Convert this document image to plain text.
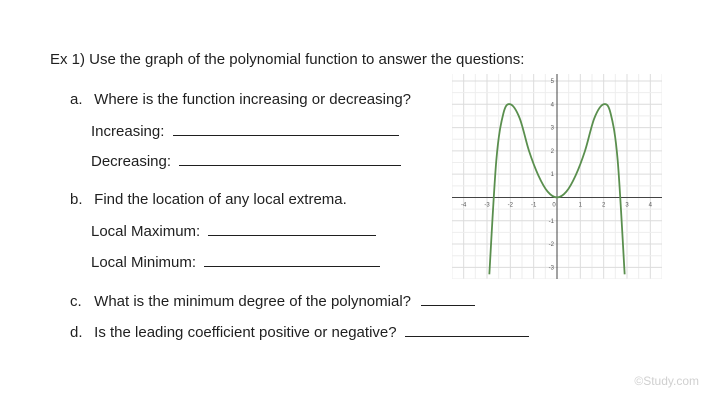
Ex 1) Use the graph of the polynomial function to answer the questions:
a. Where is the function increasing or decreasing?
Increasing:
Decreasing:
b. Find the location of any local extrema.
Local Maximum:
Local Minimum:
c. What is the minimum degree of the polynomial?
d. Is the leading coefficient positive or negative?
-4	-3	-2	-1	0	1	2	3	4
5
4
3
2
1
-1
-2
-3
©Study.com
